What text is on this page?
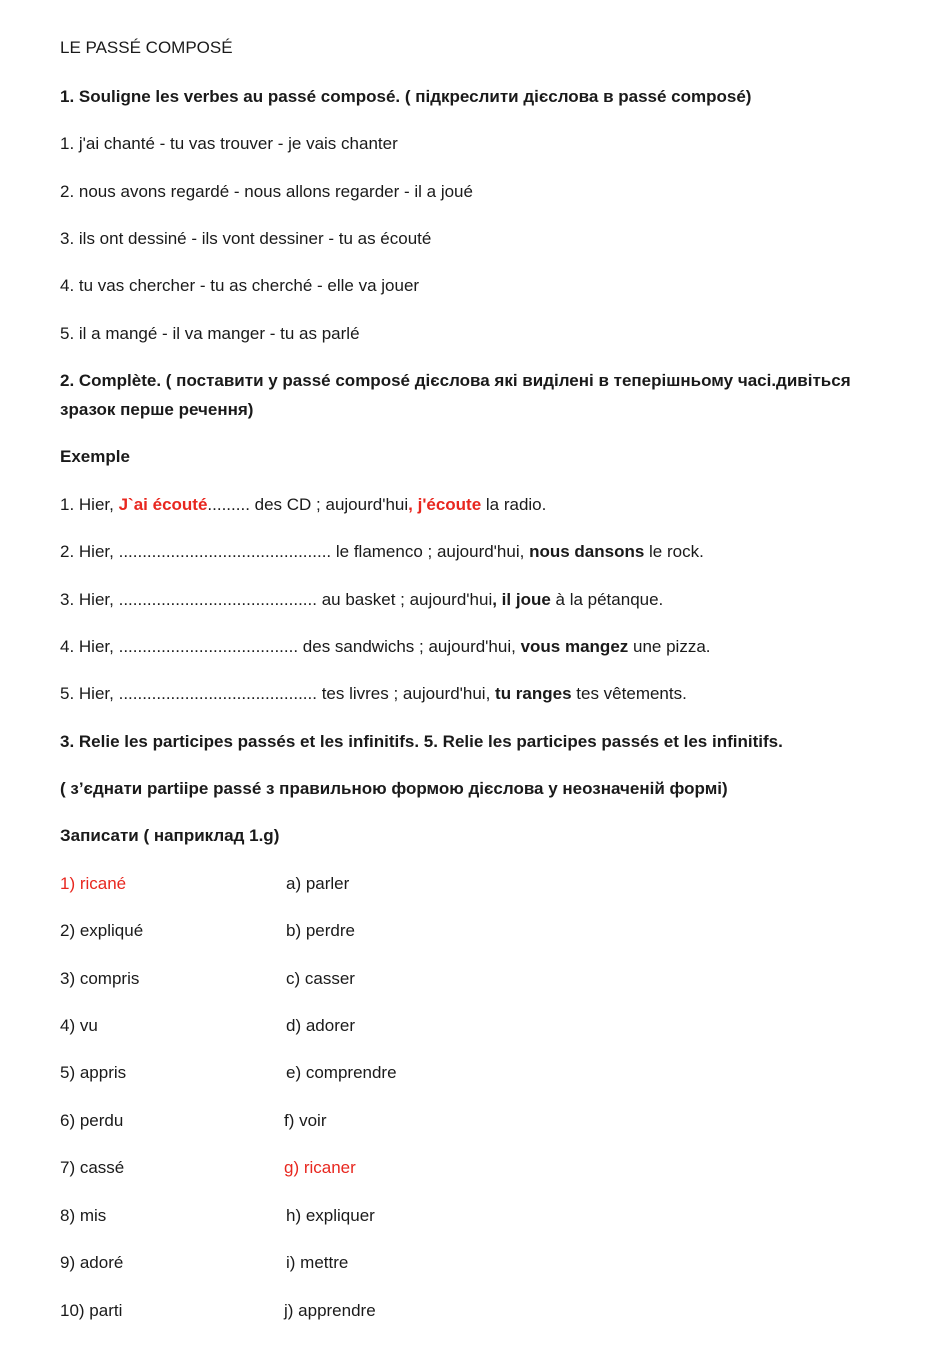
LE PASSÉ COMPOSÉ
1. Souligne les verbes au passé composé. ( підкреслити дієслова в passé composé)
1. j'ai chanté - tu vas trouver - je vais chanter
2. nous avons regardé - nous allons regarder - il a joué
3. ils ont dessiné - ils vont dessiner - tu as écouté
4. tu vas chercher - tu as cherché - elle va jouer
5. il a mangé - il va manger - tu as parlé
2. Complète. ( поставити у passé composé дієслова які виділені в теперішньому часі.дивіться
зразок перше речення)
Exemple
1. Hier, J`ai écouté......... des CD ; aujourd'hui, j'écoute la radio.
2. Hier, ............................................. le flamenco ; aujourd'hui, nous dansons le rock.
3. Hier, .......................................... au basket ; aujourd'hui, il joue à la pétanque.
4. Hier, ...................................... des sandwichs ; aujourd'hui, vous mangez une pizza.
5. Hier, .......................................... tes livres ; aujourd'hui, tu ranges tes vêtements.
3. Relie les participes passés et les infinitifs. 5. Relie les participes passés et les infinitifs.
( з’єднати partiipe passé з правильною формою дієслова у неозначеній формі)
Записати ( наприклад 1.g)
1) ricané
2) expliqué
3) compris
4) vu
5) appris
6) perdu
7) cassé
8) mis
9) adoré
10) parti
a) parler
b) perdre
c) casser
d) adorer
e) comprendre
f) voir
g) ricaner
h) expliquer
i) mettre
j) apprendre
